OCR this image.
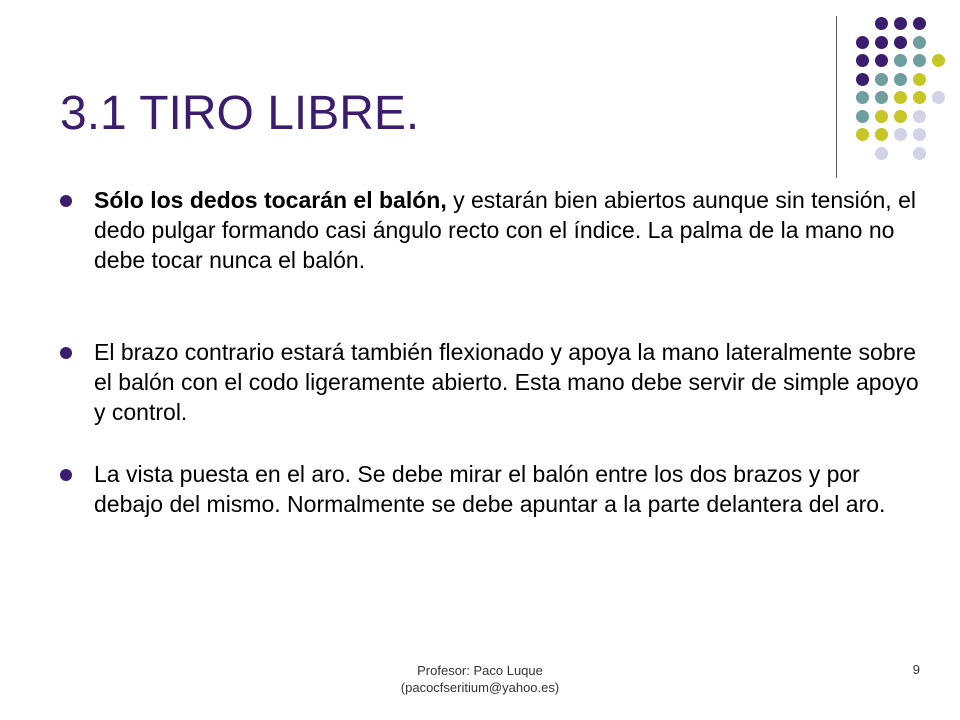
3.1 TIRO LIBRE.
Sólo los dedos tocarán el balón, y estarán bien abiertos aunque sin tensión, el dedo pulgar formando casi ángulo recto con el índice. La palma de la mano no debe tocar nunca el balón.
El brazo contrario estará también flexionado y apoya la mano lateralmente sobre el balón con el codo ligeramente abierto. Esta mano debe servir de simple apoyo y control.
La vista puesta en el aro. Se debe mirar el balón entre los dos brazos y por debajo del mismo. Normalmente se debe apuntar a la parte delantera del aro.
Profesor: Paco Luque
(pacocfseritium@yahoo.es)
9
